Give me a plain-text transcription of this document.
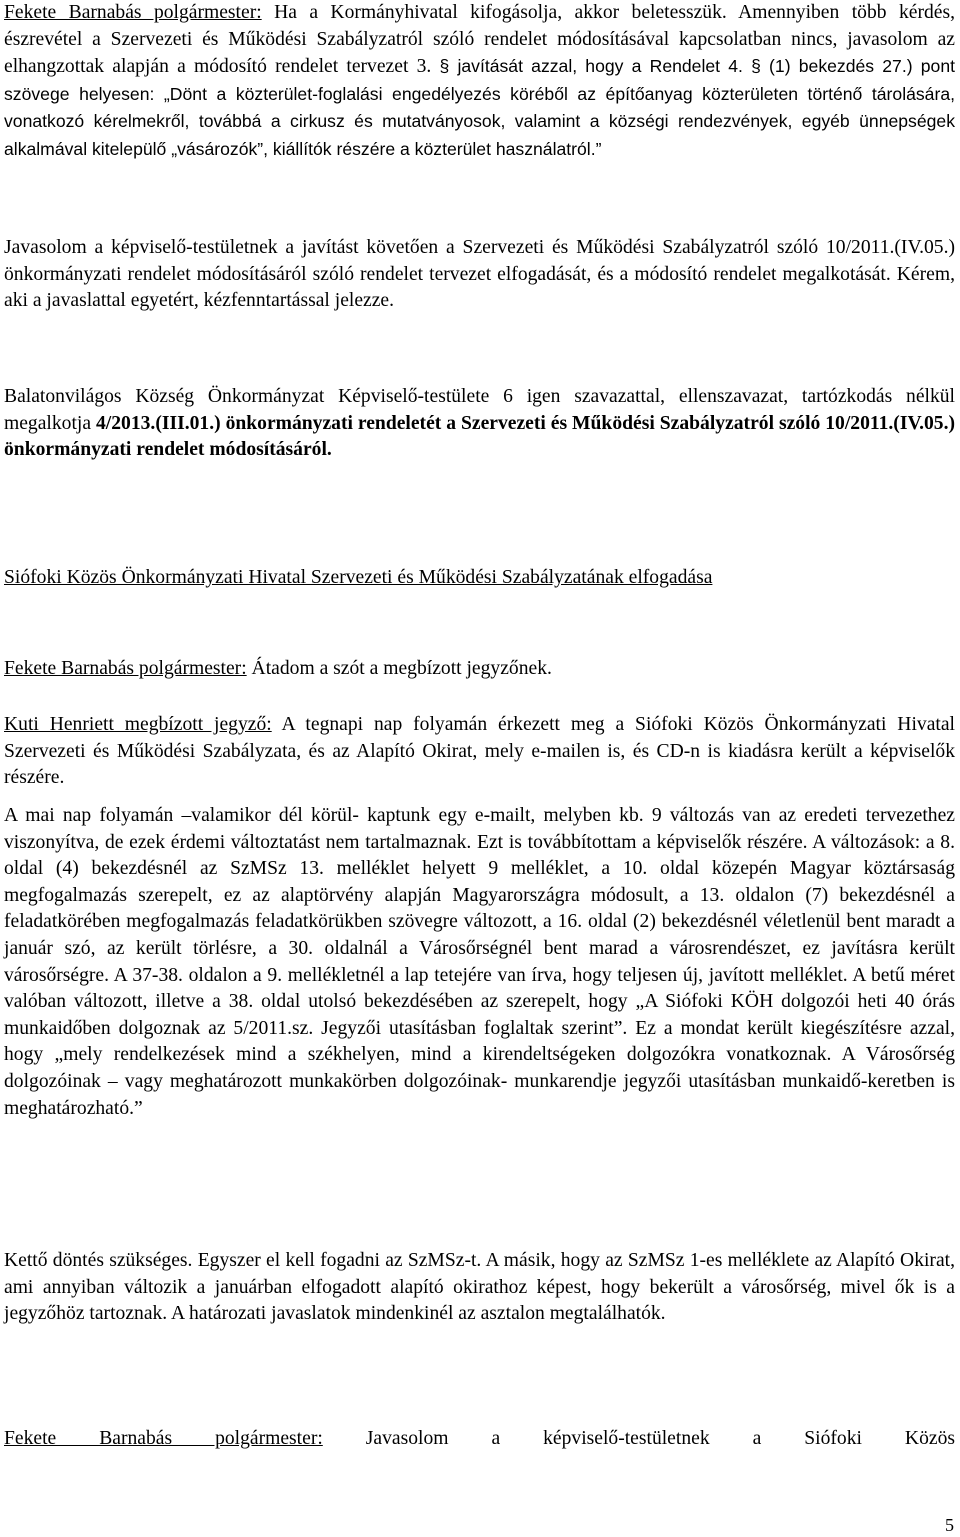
Fekete Barnabás polgármester: Ha a Kormányhivatal kifogásolja, akkor beletesszük. Amennyiben több kérdés, észrevétel a Szervezeti és Működési Szabályzatról szóló rendelet módosításával kapcsolatban nincs, javasolom az elhangzottak alapján a módosító rendelet tervezet 3. § javítását azzal, hogy a Rendelet 4. § (1) bekezdés 27.) pont szövege helyesen: „Dönt a közterület-foglalási engedélyezés köréből az építőanyag közterületen történő tárolására, vonatkozó kérelmekről, továbbá a cirkusz és mutatványosok, valamint a községi rendezvények, egyéb ünnepségek alkalmával kitelepülő „vásározók”, kiállítók részére a közterület használatról.”

Javasolom a képviselő-testületnek a javítást követően a Szervezeti és Működési Szabályzatról szóló 10/2011.(IV.05.) önkormányzati rendelet módosításáról szóló rendelet tervezet elfogadását, és a módosító rendelet megalkotását. Kérem, aki a javaslattal egyetért, kézfenntartással jelezze.

Balatonvilágos Község Önkormányzat Képviselő-testülete 6 igen szavazattal, ellenszavazat, tartózkodás nélkül megalkotja 4/2013.(III.01.) önkormányzati rendeletét a Szervezeti és Működési Szabályzatról szóló 10/2011.(IV.05.) önkormányzati rendelet módosításáról.

Siófoki Közös Önkormányzati Hivatal Szervezeti és Működési Szabályzatának elfogadása

Fekete Barnabás polgármester: Átadom a szót a megbízott jegyzőnek.

Kuti Henriett megbízott jegyző: A tegnapi nap folyamán érkezett meg a Siófoki Közös Önkormányzati Hivatal Szervezeti és Működési Szabályzata, és az Alapító Okirat, mely e-mailen is, és CD-n is kiadásra került a képviselők részére.

A mai nap folyamán –valamikor dél körül- kaptunk egy e-mailt, melyben kb. 9 változás van az eredeti tervezethez viszonyítva, de ezek érdemi változtatást nem tartalmaznak. Ezt is továbbítottam a képviselők részére. A változások: a 8. oldal (4) bekezdésnél az SzMSz 13. melléklet helyett 9 melléklet, a 10. oldal közepén Magyar köztársaság megfogalmazás szerepelt, ez az alaptörvény alapján Magyarországra módosult, a 13. oldalon (7) bekezdésnél a feladatkörében megfogalmazás feladatkörükben szövegre változott, a 16. oldal (2) bekezdésnél véletlenül bent maradt a január szó, az került törlésre, a 30. oldalnál a Városőrségnél bent marad a városrendészet, ez javításra került városőrségre. A 37-38. oldalon a 9. mellékletnél a lap tetejére van írva, hogy teljesen új, javított melléklet. A betű méret valóban változott, illetve a 38. oldal utolsó bekezdésében az szerepelt, hogy „A Siófoki KÖH dolgozói heti 40 órás munkaidőben dolgoznak az 5/2011.sz. Jegyzői utasításban foglaltak szerint”. Ez a mondat került kiegészítésre azzal, hogy „mely rendelkezések mind a székhelyen, mind a kirendeltségeken dolgozókra vonatkoznak. A Városőrség dolgozóinak – vagy meghatározott munkakörben dolgozóinak- munkarendje jegyzői utasításban munkaidő-keretben is meghatározható.”

Kettő döntés szükséges. Egyszer el kell fogadni az SzMSz-t. A másik, hogy az SzMSz 1-es melléklete az Alapító Okirat, ami annyiban változik a januárban elfogadott alapító okirathoz képest, hogy bekerült a városőrség, mivel ők is a jegyzőhöz tartoznak. A határozati javaslatok mindenkinél az asztalon megtalálhatók.

Fekete Barnabás polgármester: Javasolom a képviselő-testületnek a Siófoki Közös

5
